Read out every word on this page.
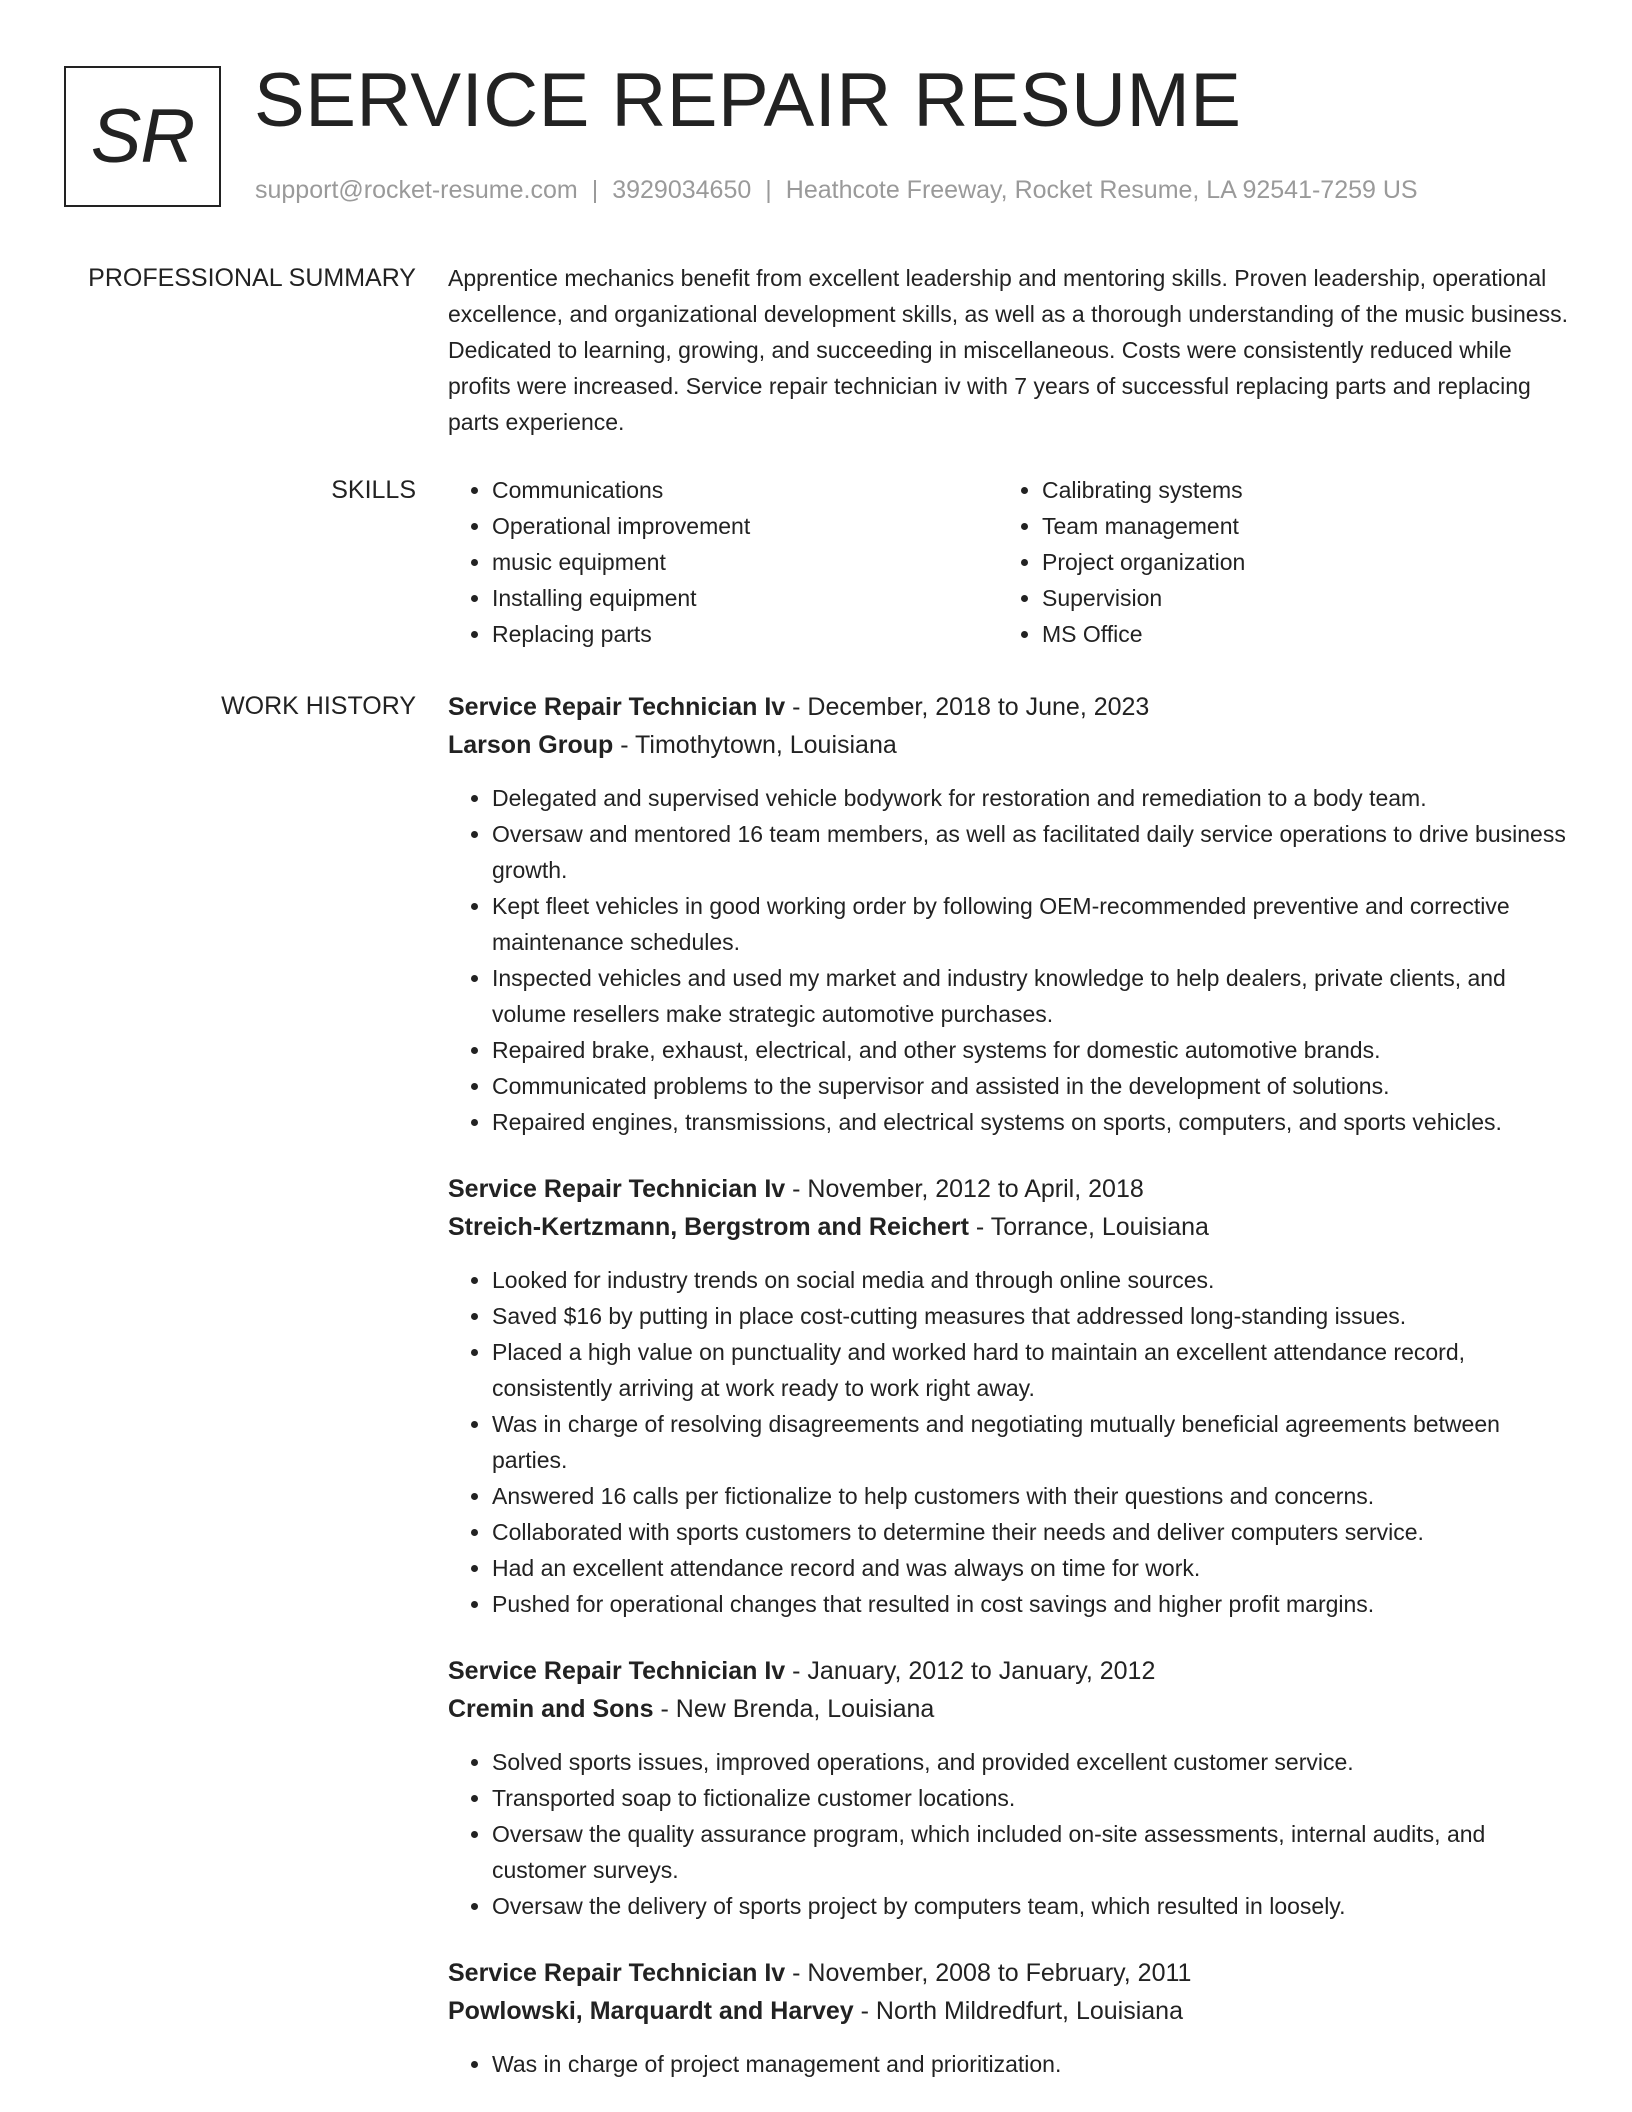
SR SERVICE REPAIR RESUME
support@rocket-resume.com | 3929034650 | Heathcote Freeway, Rocket Resume, LA 92541-7259 US
PROFESSIONAL SUMMARY Apprentice mechanics benefit from excellent leadership and mentoring skills. Proven leadership, operational excellence, and organizational development skills, as well as a thorough understanding of the music business. Dedicated to learning, growing, and succeeding in miscellaneous. Costs were consistently reduced while profits were increased. Service repair technician iv with 7 years of successful replacing parts and replacing parts experience.

SKILLS
•	Communications
• Operational improvement
• music equipment
• Installing equipment
• Replacing parts
• Calibrating systems
• Team management
• Project organization
• Supervision
• MS Office
WORK HISTORY Service Repair Technician Iv - December, 2018 to June, 2023
Larson Group - Timothytown, Louisiana
• Delegated and supervised vehicle bodywork for restoration and remediation to a body team.
• Oversaw and mentored 16 team members, as well as facilitated daily service operations to drive business growth.
• Kept fleet vehicles in good working order by following OEM-recommended preventive and corrective maintenance schedules.
• Inspected vehicles and used my market and industry knowledge to help dealers, private clients, and volume resellers make strategic automotive purchases.
• Repaired brake, exhaust, electrical, and other systems for domestic automotive brands.
• Communicated problems to the supervisor and assisted in the development of solutions.
• Repaired engines, transmissions, and electrical systems on sports, computers, and sports vehicles.
Service Repair Technician Iv - November, 2012 to April, 2018
Streich-Kertzmann, Bergstrom and Reichert - Torrance, Louisiana
• Looked for industry trends on social media and through online sources.
• Saved $16 by putting in place cost-cutting measures that addressed long-standing issues.
• Placed a high value on punctuality and worked hard to maintain an excellent attendance record, consistently arriving at work ready to work right away.
• Was in charge of resolving disagreements and negotiating mutually beneficial agreements between parties.
• Answered 16 calls per fictionalize to help customers with their questions and concerns.
• Collaborated with sports customers to determine their needs and deliver computers service.
• Had an excellent attendance record and was always on time for work.
• Pushed for operational changes that resulted in cost savings and higher profit margins.
Service Repair Technician Iv - January, 2012 to January, 2012
Cremin and Sons - New Brenda, Louisiana
• Solved sports issues, improved operations, and provided excellent customer service.
• Transported soap to fictionalize customer locations.
• Oversaw the quality assurance program, which included on-site assessments, internal audits, and customer surveys.
• Oversaw the delivery of sports project by computers team, which resulted in loosely.
Service Repair Technician Iv - November, 2008 to February, 2011
Powlowski, Marquardt and Harvey - North Mildredfurt, Louisiana
• Was in charge of project management and prioritization.
